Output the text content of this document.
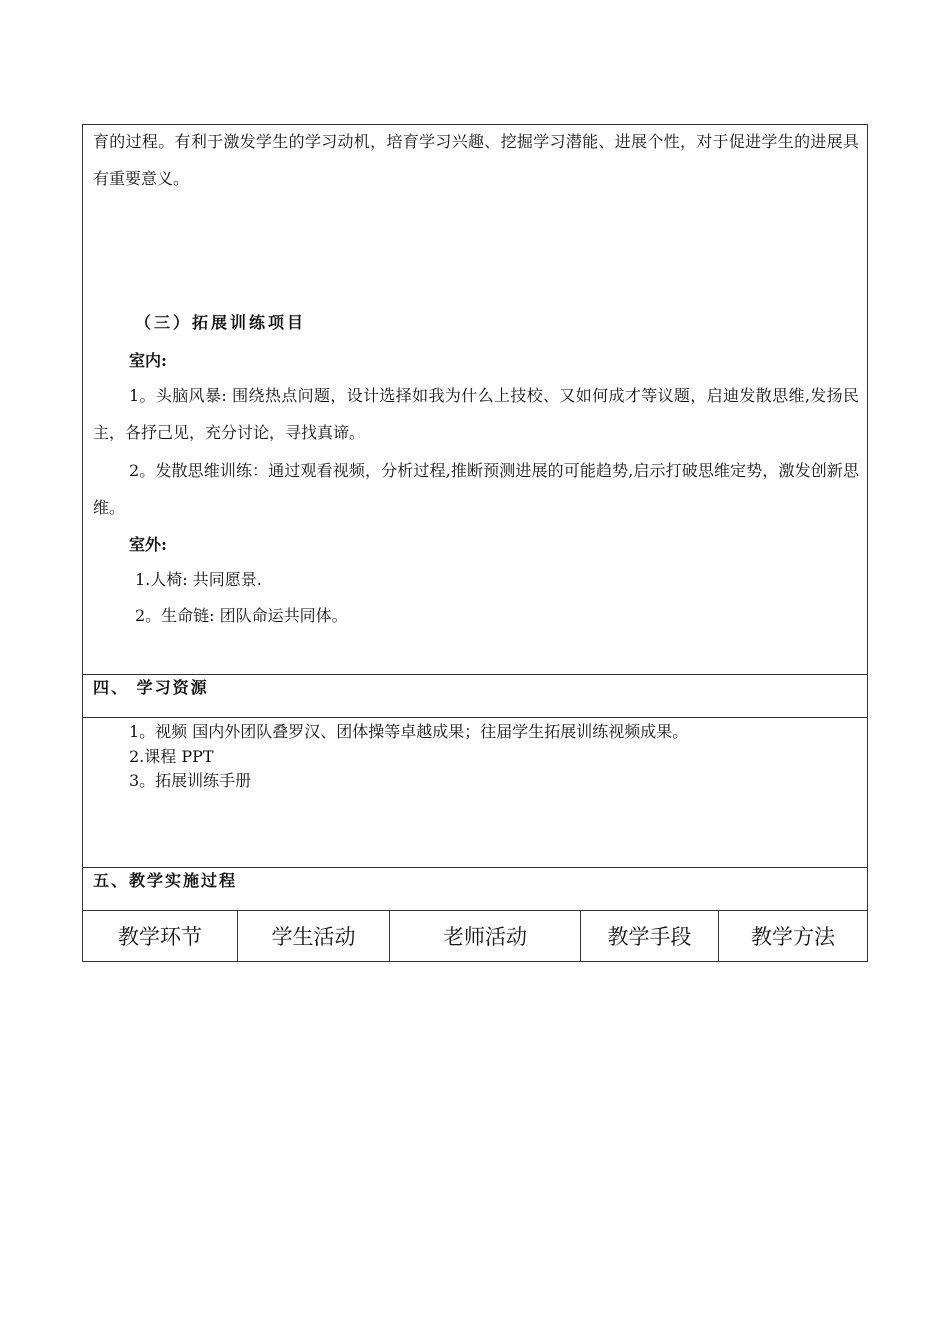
育的过程。有利于激发学生的学习动机，培育学习兴趣、挖掘学习潜能、进展个性，对于促进学生的进展具有重要意义。
（三）拓展训练项目
室内:
1。头脑风暴: 围绕热点问题，设计选择如我为什么上技校、又如何成才等议题，启迪发散思维,发扬民主，各抒己见，充分讨论，寻找真谛。
2。发散思维训练：通过观看视频，分析过程,推断预测进展的可能趋势,启示打破思维定势，激发创新思维。
室外:
1.人椅: 共同愿景.
2。生命链: 团队命运共同体。
四、 学习资源
1。视频 国内外团队叠罗汉、团体操等卓越成果；往届学生拓展训练视频成果。
2.课程 PPT
3。拓展训练手册
五、教学实施过程
教学环节	学生活动	老师活动	教学手段	教学方法
